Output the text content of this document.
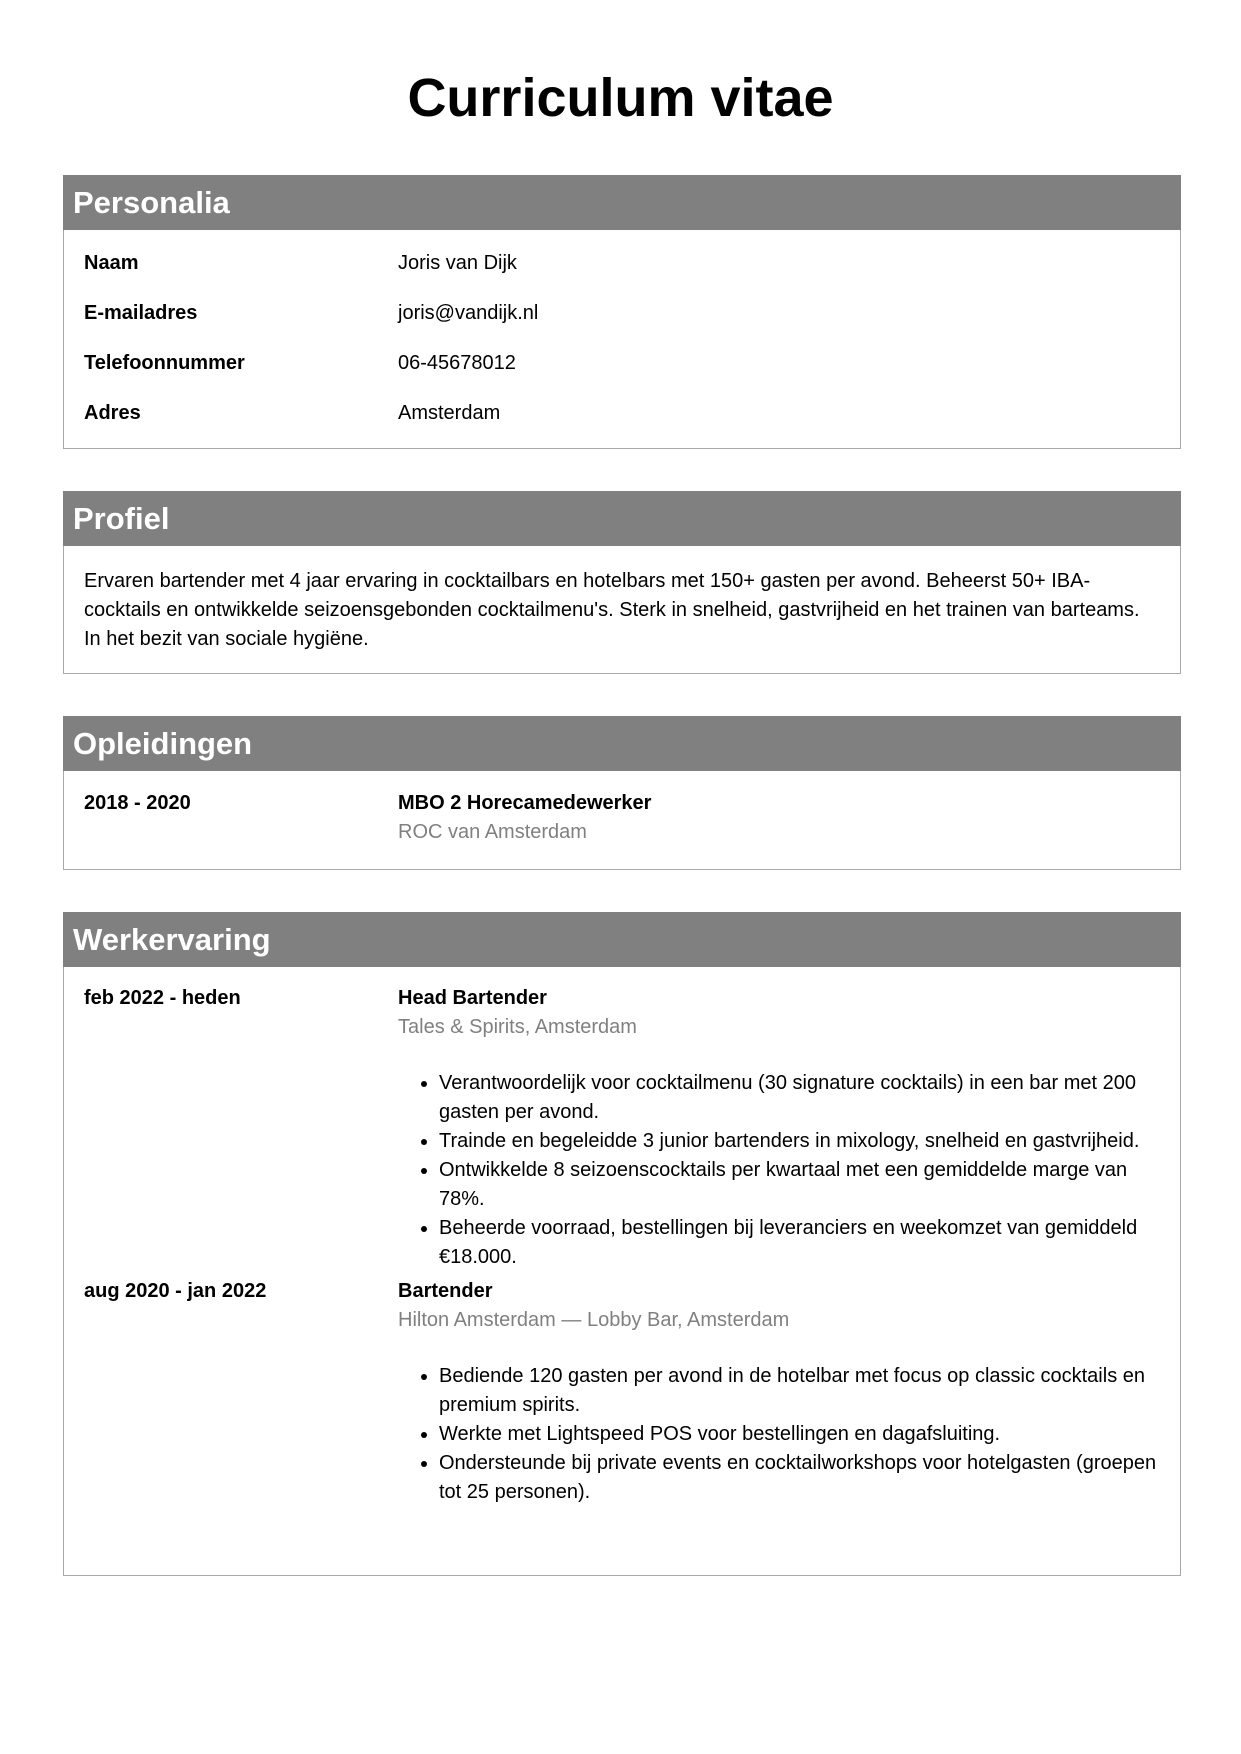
Curriculum vitae
Personalia
Naam	Joris van Dijk
E-mailadres	joris@vandijk.nl
Telefoonnummer	06-45678012
Adres	Amsterdam
Profiel
Ervaren bartender met 4 jaar ervaring in cocktailbars en hotelbars met 150+ gasten per avond. Beheerst 50+ IBA-cocktails en ontwikkelde seizoensgebonden cocktailmenu's. Sterk in snelheid, gastvrijheid en het trainen van barteams. In het bezit van sociale hygiëne.
Opleidingen
2018 - 2020	MBO 2 Horecamedewerker
ROC van Amsterdam
Werkervaring
feb 2022 - heden	Head Bartender
Tales & Spirits, Amsterdam
• Verantwoordelijk voor cocktailmenu (30 signature cocktails) in een bar met 200 gasten per avond.
• Trainde en begeleidde 3 junior bartenders in mixology, snelheid en gastvrijheid.
• Ontwikkelde 8 seizoenscocktails per kwartaal met een gemiddelde marge van 78%.
• Beheerde voorraad, bestellingen bij leveranciers en weekomzet van gemiddeld €18.000.
aug 2020 - jan 2022	Bartender
Hilton Amsterdam — Lobby Bar, Amsterdam
• Bediende 120 gasten per avond in de hotelbar met focus op classic cocktails en premium spirits.
• Werkte met Lightspeed POS voor bestellingen en dagafsluiting.
• Ondersteunde bij private events en cocktailworkshops voor hotelgasten (groepen tot 25 personen).
